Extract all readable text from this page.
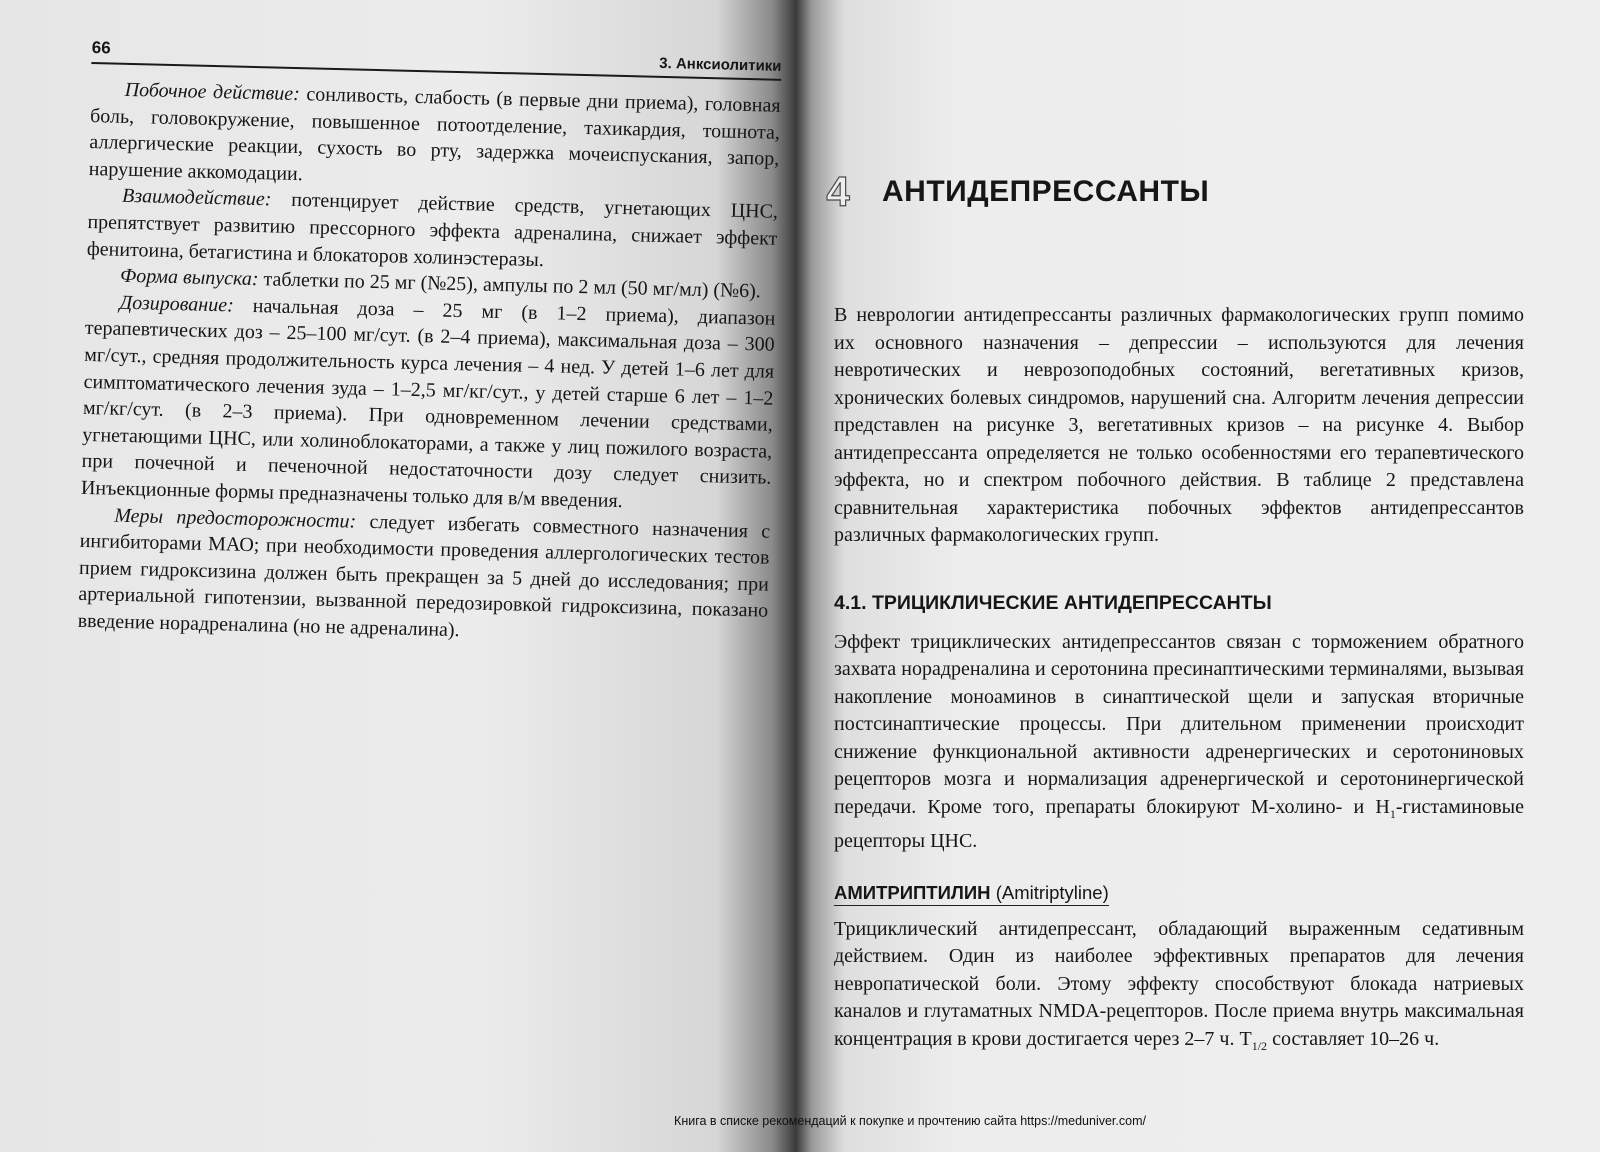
66
3. Анксиолитики

Побочное действие: сонливость, слабость (в первые дни приема), головная боль, головокружение, повышенное потоотделение, тахикардия, тошнота, аллергические реакции, сухость во рту, задержка мочеиспускания, запор, нарушение аккомодации.

Взаимодействие: потенцирует действие средств, угнетающих ЦНС, препятствует развитию прессорного эффекта адреналина, снижает эффект фенитоина, бетагистина и блокаторов холинэстеразы.

Форма выпуска: таблетки по 25 мг (№25), ампулы по 2 мл (50 мг/мл) (№6).

Дозирование: начальная доза – 25 мг (в 1–2 приема), диапазон терапевтических доз – 25–100 мг/сут. (в 2–4 приема), максимальная доза – 300 мг/сут., средняя продолжительность курса лечения – 4 нед. У детей 1–6 лет для симптоматического лечения зуда – 1–2,5 мг/кг/сут., у детей старше 6 лет – 1–2 мг/кг/сут. (в 2–3 приема). При одновременном лечении средствами, угнетающими ЦНС, или холиноблокаторами, а также у лиц пожилого возраста, при почечной и печеночной недостаточности дозу следует снизить. Инъекционные формы предназначены только для в/м введения.

Меры предосторожности: следует избегать совместного назначения с ингибиторами МАО; при необходимости проведения аллергологических тестов прием гидроксизина должен быть прекращен за 5 дней до исследования; при артериальной гипотензии, вызванной передозировкой гидроксизина, показано введение норадреналина (но не адреналина).

4 АНТИДЕПРЕССАНТЫ

В неврологии антидепрессанты различных фармакологических групп помимо их основного назначения – депрессии – используются для лечения невротических и неврозоподобных состояний, вегетативных кризов, хронических болевых синдромов, нарушений сна. Алгоритм лечения депрессии представлен на рисунке 3, вегетативных кризов – на рисунке 4. Выбор антидепрессанта определяется не только особенностями его терапевтического эффекта, но и спектром побочного действия. В таблице 2 представлена сравнительная характеристика побочных эффектов антидепрессантов различных фармакологических групп.

4.1. ТРИЦИКЛИЧЕСКИЕ АНТИДЕПРЕССАНТЫ

Эффект трициклических антидепрессантов связан с торможением обратного захвата норадреналина и серотонина пресинаптическими терминалями, вызывая накопление моноаминов в синаптической щели и запуская вторичные постсинаптические процессы. При длительном применении происходит снижение функциональной активности адренергических и серотониновых рецепторов мозга и нормализация адренергической и серотонинергической передачи. Кроме того, препараты блокируют М-холино- и $Н_1$-гистаминовые рецепторы ЦНС.

АМИТРИПТИЛИН (Amitriptyline)

Трициклический антидепрессант, обладающий выраженным седативным действием. Один из наиболее эффективных препаратов для лечения невропатической боли. Этому эффекту способствуют блокада натриевых каналов и глутаматных NMDA-рецепторов. После приема внутрь максимальная концентрация в крови достигается через 2–7 ч. $Т_{1/2}$ составляет 10–26 ч.

Книга в списке рекомендаций к покупке и прочтению сайта https://meduniver.com/
